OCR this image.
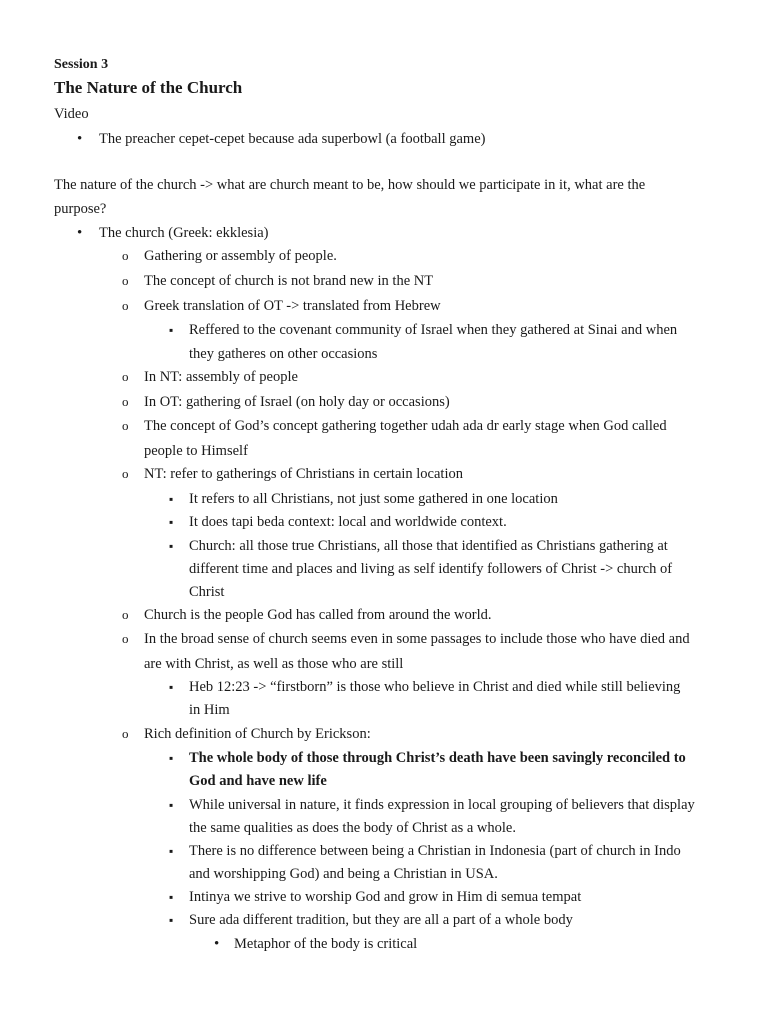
Session 3
The Nature of the Church
Video
•
The preacher cepet-cepet because ada superbowl (a football game)
The nature of the church -> what are church meant to be, how should we participate in it, what are the
purpose?
•
The church (Greek: ekklesia)
o
Gathering or assembly of people.
o
The concept of church is not brand new in the NT
o
Greek translation of OT -> translated from Hebrew
▪
Reffered to the covenant community of Israel when they gathered at Sinai and when
they gatheres on other occasions
o
In NT: assembly of people
o
In OT: gathering of Israel (on holy day or occasions)
o
The concept of God’s concept gathering together udah ada dr early stage when God called
people to Himself
o
NT: refer to gatherings of Christians in certain location
▪
It refers to all Christians, not just some gathered in one location
▪
It does tapi beda context: local and worldwide context.
▪
Church: all those true Christians, all those that identified as Christians gathering at
different time and places and living as self identify followers of Christ -> church of
Christ
o
Church is the people God has called from around the world.
o
In the broad sense of church seems even in some passages to include those who have died and
are with Christ, as well as those who are still
▪
Heb 12:23 -> “firstborn” is those who believe in Christ and died while still believing
in Him
o
Rich definition of Church by Erickson:
▪
The whole body of those through Christ’s death have been savingly reconciled to
God and have new life
▪
While universal in nature, it finds expression in local grouping of believers that display
the same qualities as does the body of Christ as a whole.
▪
There is no difference between being a Christian in Indonesia (part of church in Indo
and worshipping God) and being a Christian in USA.
▪
Intinya we strive to worship God and grow in Him di semua tempat
▪
Sure ada different tradition, but they are all a part of a whole body
•
Metaphor of the body is critical
